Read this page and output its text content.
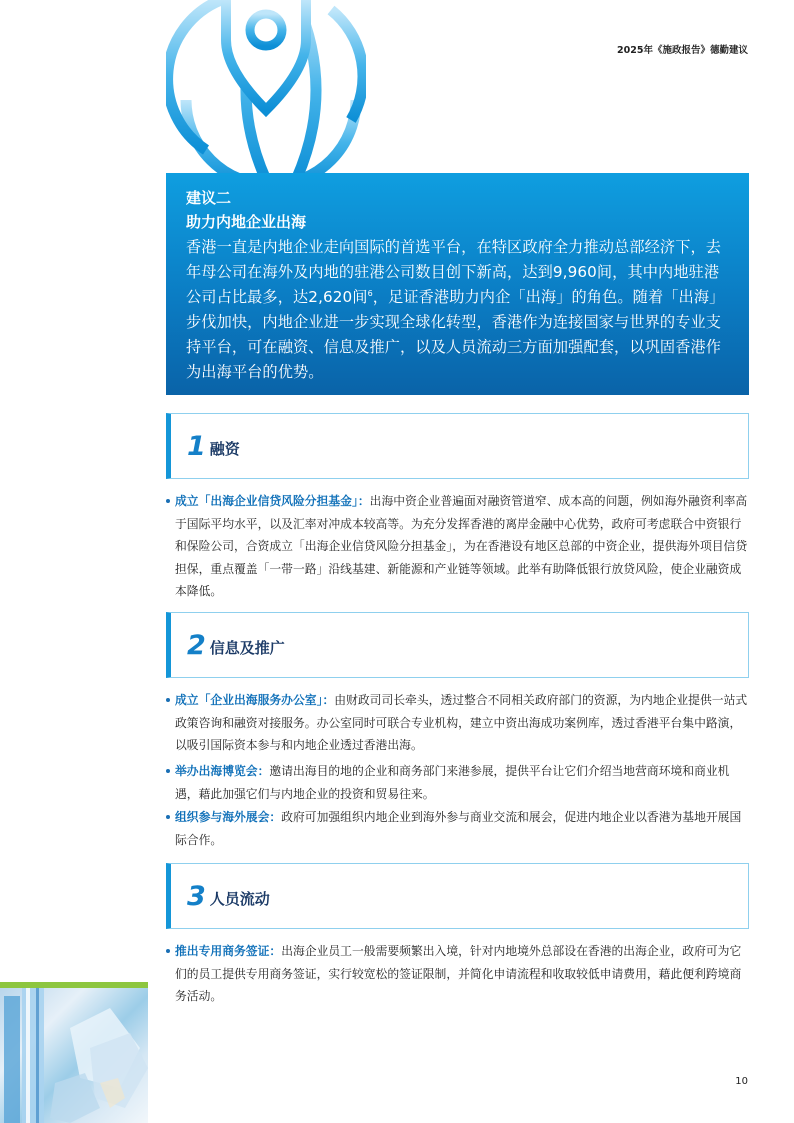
2025年《施政报告》德勤建议
建议二
助力内地企业出海
香港一直是内地企业走向国际的首选平台，在特区政府全力推动总部经济下，去年母公司在海外及内地的驻港公司数目创下新高，达到9,960间，其中内地驻港公司占比最多，达2,620间$^6$，足证香港助力内企「出海」的角色。随着「出海」步伐加快，内地企业进一步实现全球化转型，香港作为连接国家与世界的专业支持平台，可在融资、信息及推广，以及人员流动三方面加强配套，以巩固香港作为出海平台的优势。
1 融资
成立「出海企业信贷风险分担基金」：出海中资企业普遍面对融资管道窄、成本高的问题，例如海外融资利率高于国际平均水平，以及汇率对冲成本较高等。为充分发挥香港的离岸金融中心优势，政府可考虑联合中资银行和保险公司，合资成立「出海企业信贷风险分担基金」，为在香港设有地区总部的中资企业，提供海外项目信贷担保，重点覆盖「一带一路」沿线基建、新能源和产业链等领域。此举有助降低银行放贷风险，使企业融资成本降低。
2 信息及推广
成立「企业出海服务办公室」：由财政司司长牵头，透过整合不同相关政府部门的资源，为内地企业提供一站式政策咨询和融资对接服务。办公室同时可联合专业机构，建立中资出海成功案例库，透过香港平台集中路演，以吸引国际资本参与和内地企业透过香港出海。
举办出海博览会：邀请出海目的地的企业和商务部门来港参展，提供平台让它们介绍当地营商环境和商业机遇，藉此加强它们与内地企业的投资和贸易往来。
组织参与海外展会：政府可加强组织内地企业到海外参与商业交流和展会，促进内地企业以香港为基地开展国际合作。
3 人员流动
推出专用商务签证：出海企业员工一般需要频繁出入境，针对内地境外总部设在香港的出海企业，政府可为它们的员工提供专用商务签证，实行较宽松的签证限制，并简化申请流程和收取较低申请费用，藉此便利跨境商务活动。
10
